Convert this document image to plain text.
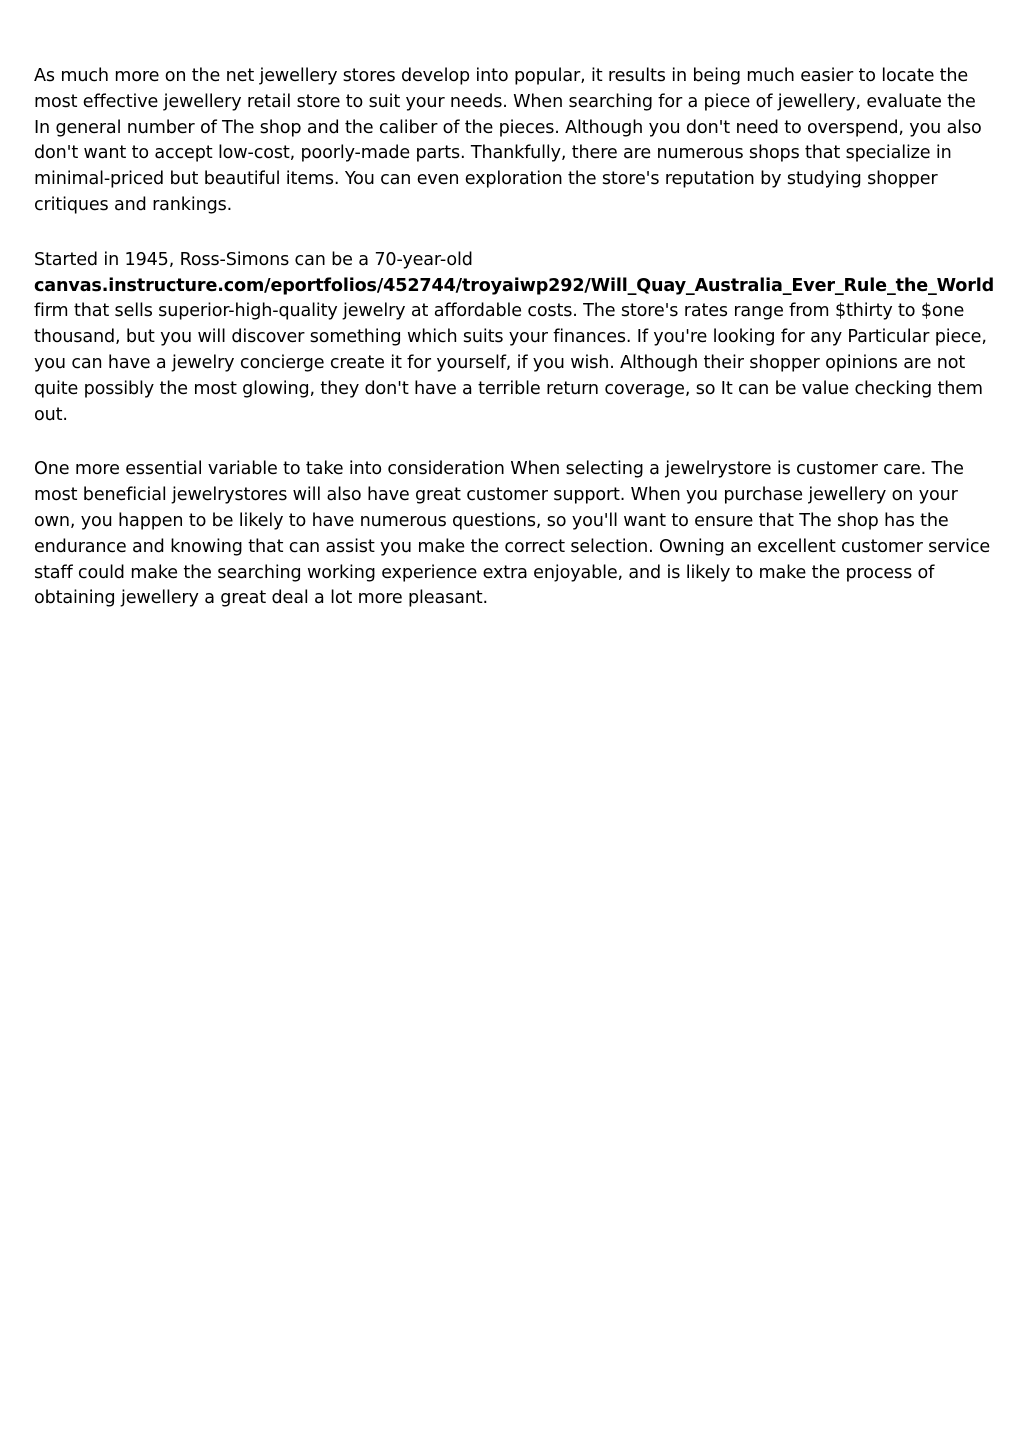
As much more on the net jewellery stores develop into popular, it results in being much easier to locate the most effective jewellery retail store to suit your needs. When searching for a piece of jewellery, evaluate the In general number of The shop and the caliber of the pieces. Although you don't need to overspend, you also don't want to accept low-cost, poorly-made parts. Thankfully, there are numerous shops that specialize in minimal-priced but beautiful items. You can even exploration the store's reputation by studying shopper critiques and rankings.

Started in 1945, Ross-Simons can be a 70-year-old canvas.instructure.com/eportfolios/452744/troyaiwp292/Will_Quay_Australia_Ever_Rule_the_World firm that sells superior-high-quality jewelry at affordable costs. The store's rates range from $thirty to $one thousand, but you will discover something which suits your finances. If you're looking for any Particular piece, you can have a jewelry concierge create it for yourself, if you wish. Although their shopper opinions are not quite possibly the most glowing, they don't have a terrible return coverage, so It can be value checking them out.

One more essential variable to take into consideration When selecting a jewelrystore is customer care. The most beneficial jewelrystores will also have great customer support. When you purchase jewellery on your own, you happen to be likely to have numerous questions, so you'll want to ensure that The shop has the endurance and knowing that can assist you make the correct selection. Owning an excellent customer service staff could make the searching working experience extra enjoyable, and is likely to make the process of obtaining jewellery a great deal a lot more pleasant.
